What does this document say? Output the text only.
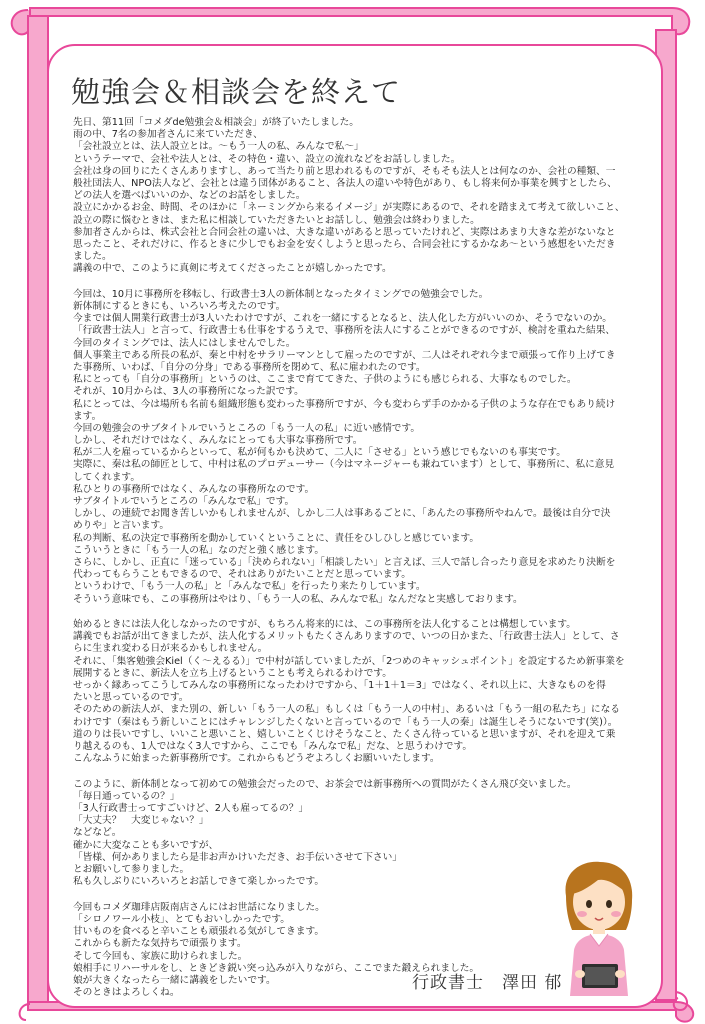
勉強会＆相談会を終えて
先日、第11回「コメダde勉強会＆相談会」が終了いたしました。
雨の中、7名の参加者さんに来ていただき、
「会社設立とは、法人設立とは。～もう一人の私、みんなで私～」
というテーマで、会社や法人とは、その特色・違い、設立の流れなどをお話ししました。
会社は身の回りにたくさんありますし、あって当たり前と思われるものですが、そもそも法人とは何なのか、会社の種類、一
般社団法人、NPO法人など、会社とは違う団体があること、各法人の違いや特色があり、もし将来何か事業を興すとしたら、
どの法人を選べばいいのか、などのお話をしました。
設立にかかるお金、時間、そのほかに「ネーミングから来るイメージ」が実際にあるので、それを踏まえて考えて欲しいこと、
設立の際に悩むときは、また私に相談していただきたいとお話しし、勉強会は終わりました。
参加者さんからは、株式会社と合同会社の違いは、大きな違いがあると思っていたけれど、実際はあまり大きな差がないなと
思ったこと、それだけに、作るときに少しでもお金を安くしようと思ったら、合同会社にするかなあ～という感想をいただき
ました。
講義の中で、このように真剣に考えてくださったことが嬉しかったです。
今回は、10月に事務所を移転し、行政書士3人の新体制となったタイミングでの勉強会でした。
新体制にするときにも、いろいろ考えたのです。
今までは個人開業行政書士が3人いたわけですが、これを一緒にするとなると、法人化した方がいいのか、そうでないのか。
「行政書士法人」と言って、行政書士も仕事をするうえで、事務所を法人にすることができるのですが、検討を重ねた結果、
今回のタイミングでは、法人にはしませんでした。
個人事業主である所長の私が、秦と中村をサラリーマンとして雇ったのですが、二人はそれぞれ今まで頑張って作り上げてき
た事務所、いわば、「自分の分身」である事務所を閉めて、私に雇われたのです。
私にとっても「自分の事務所」というのは、ここまで育ててきた、子供のようにも感じられる、大事なものでした。
それが、10月からは、3人の事務所になった訳です。
私にとっては、今は場所も名前も組織形態も変わった事務所ですが、今も変わらず手のかかる子供のような存在でもあり続け
ます。
今回の勉強会のサブタイトルでいうところの「もう一人の私」に近い感情です。
しかし、それだけではなく、みんなにとっても大事な事務所です。
私が二人を雇っているからといって、私が何もかも決めて、二人に「させる」という感じでもないのも事実です。
実際に、秦は私の師匠として、中村は私のプロデューサー（今はマネージャーも兼ねています）として、事務所に、私に意見
してくれます。
私ひとりの事務所ではなく、みんなの事務所なのです。
サブタイトルでいうところの「みんなで私」です。
しかし、の連続でお聞き苦しいかもしれませんが、しかし二人は事あるごとに、「あんたの事務所やねんで。最後は自分で決
めりや」と言います。
私の判断、私の決定で事務所を動かしていくということに、責任をひしひしと感じています。
こういうときに「もう一人の私」なのだと強く感じます。
さらに、しかし、正直に「迷っている」「決められない」「相談したい」と言えば、三人で話し合ったり意見を求めたり決断を
代わってもらうこともできるので、それはありがたいことだと思っています。
というわけで、「もう一人の私」と「みんなで私」を行ったり来たりしています。
そういう意味でも、この事務所はやはり、「もう一人の私、みんなで私」なんだなと実感しております。
始めるときには法人化しなかったのですが、もちろん将来的には、この事務所を法人化することは構想しています。
講義でもお話が出てきましたが、法人化するメリットもたくさんありますので、いつの日かまた、「行政書士法人」として、さ
らに生まれ変わる日が来るかもしれません。
それに、「集客勉強会Kiel（く～えるる）」で中村が話していましたが、「2つめのキャッシュポイント」を設定するため新事業を
展開するときに、新法人を立ち上げるということも考えられるわけです。
せっかく縁あってこうしてみんなの事務所になったわけですから、「1＋1＋1＝3」ではなく、それ以上に、大きなものを得
たいと思っているのです。
そのための新法人が、また別の、新しい「もう一人の私」もしくは「もう一人の中村」、あるいは「もう一組の私たち」になる
わけです（秦はもう新しいことにはチャレンジしたくないと言っているので「もう一人の秦」は誕生しそうにないです(笑)）。
道のりは長いですし、いいこと悪いこと、嬉しいことくじけそうなこと、たくさん待っていると思いますが、それを迎えて乗
り越えるのも、1人ではなく3人ですから、ここでも「みんなで私」だな、と思うわけです。
こんなふうに始まった新事務所です。これからもどうぞよろしくお願いいたします。
このように、新体制となって初めての勉強会だったので、お茶会では新事務所への質問がたくさん飛び交いました。
「毎日通っているの？」
「3人行政書士ってすごいけど、2人も雇ってるの？」
「大丈夫？　大変じゃない？」
などなど。
確かに大変なことも多いですが、
「皆様、何かありましたら是非お声かけいただき、お手伝いさせて下さい」
とお願いして参りました。
私も久しぶりにいろいろとお話しできて楽しかったです。
今回もコメダ珈琲店阪南店さんにはお世話になりました。
「シロノワール小枝」、とてもおいしかったです。
甘いものを食べると辛いことも頑張れる気がしてきます。
これからも新たな気持ちで頑張ります。
そして今回も、家族に助けられました。
娘相手にリハーサルをし、ときどき鋭い突っ込みが入りながら、ここでまた鍛えられました。
娘が大きくなったら一緒に講義をしたいです。
そのときはよろしくね。	行政書士　澤田 郁
